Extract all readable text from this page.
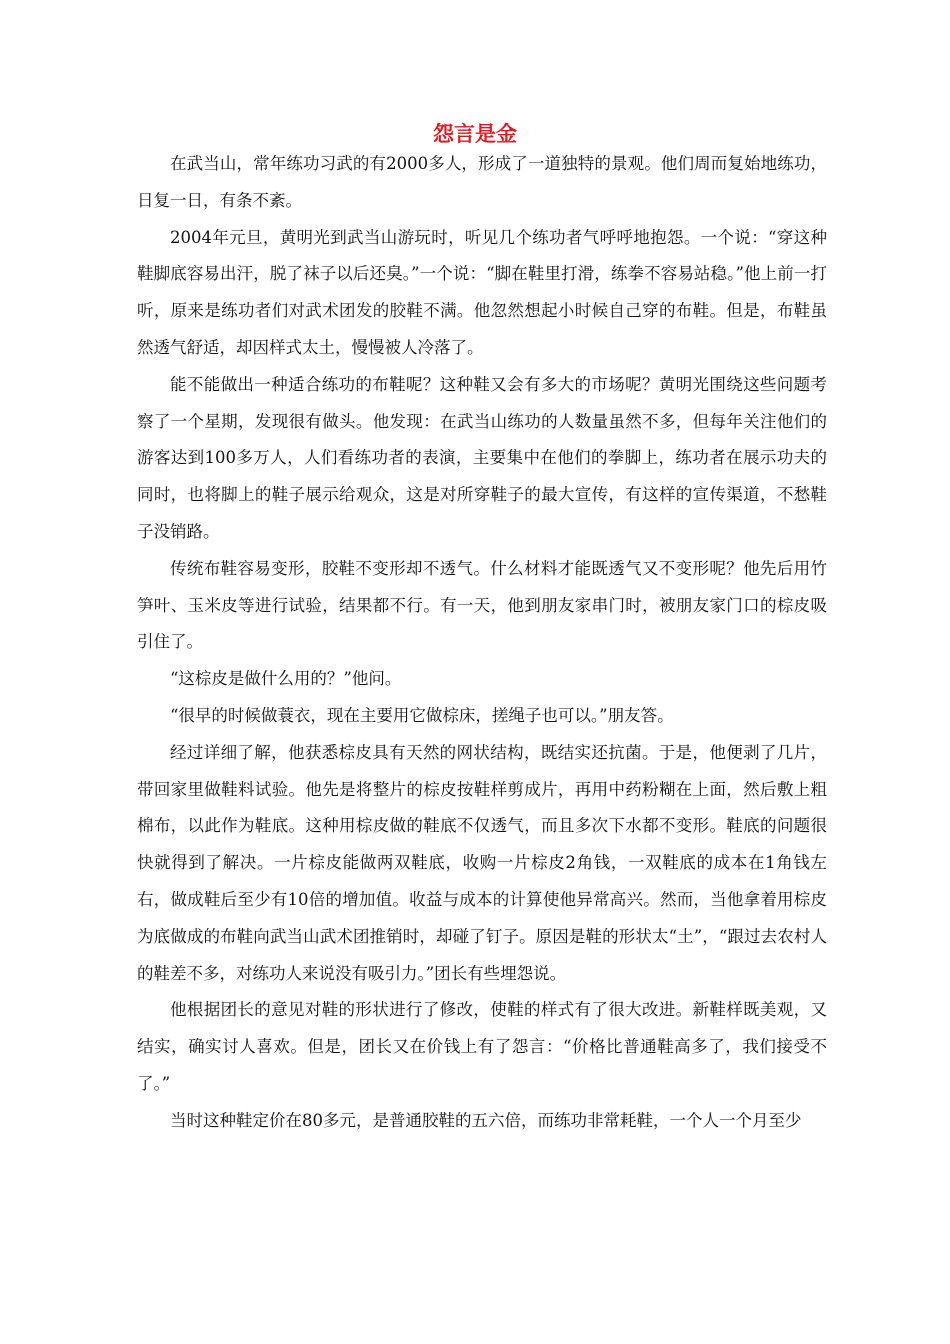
怨言是金

在武当山，常年练功习武的有2000多人，形成了一道独特的景观。他们周而复始地练功，日复一日，有条不紊。

2004年元旦，黄明光到武当山游玩时，听见几个练功者气呼呼地抱怨。一个说：“穿这种鞋脚底容易出汗，脱了袜子以后还臭。”一个说：“脚在鞋里打滑，练拳不容易站稳。”他上前一打听，原来是练功者们对武术团发的胶鞋不满。他忽然想起小时候自己穿的布鞋。但是，布鞋虽然透气舒适，却因样式太土，慢慢被人冷落了。

能不能做出一种适合练功的布鞋呢？这种鞋又会有多大的市场呢？黄明光围绕这些问题考察了一个星期，发现很有做头。他发现：在武当山练功的人数量虽然不多，但每年关注他们的游客达到100多万人，人们看练功者的表演，主要集中在他们的拳脚上，练功者在展示功夫的同时，也将脚上的鞋子展示给观众，这是对所穿鞋子的最大宣传，有这样的宣传渠道，不愁鞋子没销路。

传统布鞋容易变形，胶鞋不变形却不透气。什么材料才能既透气又不变形呢？他先后用竹笋叶、玉米皮等进行试验，结果都不行。有一天，他到朋友家串门时，被朋友家门口的棕皮吸引住了。

“这棕皮是做什么用的？”他问。

“很早的时候做蓑衣，现在主要用它做棕床，搓绳子也可以。”朋友答。

经过详细了解，他获悉棕皮具有天然的网状结构，既结实还抗菌。于是，他便剥了几片，带回家里做鞋料试验。他先是将整片的棕皮按鞋样剪成片，再用中药粉糊在上面，然后敷上粗棉布，以此作为鞋底。这种用棕皮做的鞋底不仅透气，而且多次下水都不变形。鞋底的问题很快就得到了解决。一片棕皮能做两双鞋底，收购一片棕皮2角钱，一双鞋底的成本在1角钱左右，做成鞋后至少有10倍的增加值。收益与成本的计算使他异常高兴。然而，当他拿着用棕皮为底做成的布鞋向武当山武术团推销时，却碰了钉子。原因是鞋的形状太“土”，“跟过去农村人的鞋差不多，对练功人来说没有吸引力。”团长有些埋怨说。

他根据团长的意见对鞋的形状进行了修改，使鞋的样式有了很大改进。新鞋样既美观，又结实，确实讨人喜欢。但是，团长又在价钱上有了怨言：“价格比普通鞋高多了，我们接受不了。”

当时这种鞋定价在80多元，是普通胶鞋的五六倍，而练功非常耗鞋，一个人一个月至少
